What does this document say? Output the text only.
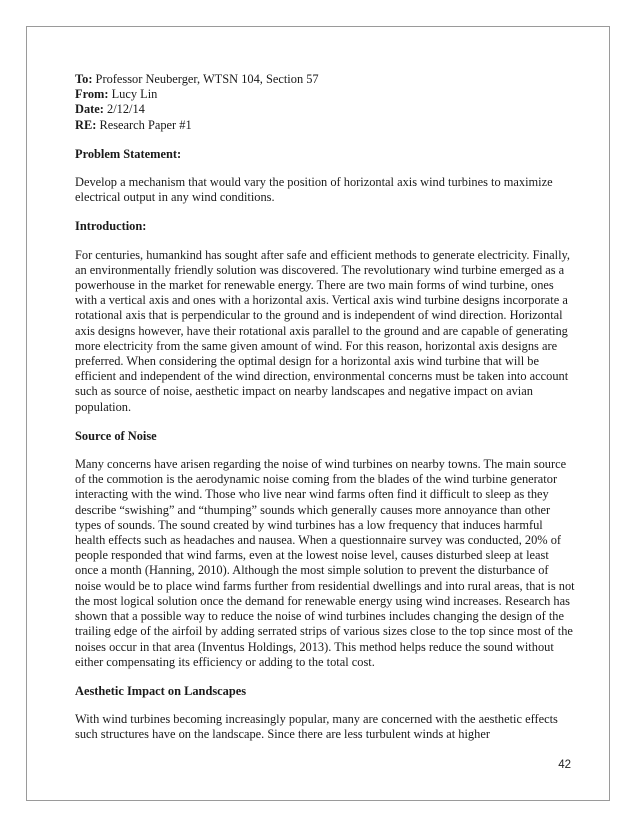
To: Professor Neuberger, WTSN 104, Section 57

From: Lucy Lin

Date: 2/12/14

RE: Research Paper #1

Problem Statement:

Develop a mechanism that would vary the position of horizontal axis wind turbines to maximize electrical output in any wind conditions.

Introduction:

For centuries, humankind has sought after safe and efficient methods to generate electricity. Finally, an environmentally friendly solution was discovered. The revolutionary wind turbine emerged as a powerhouse in the market for renewable energy. There are two main forms of wind turbine, ones with a vertical axis and ones with a horizontal axis. Vertical axis wind turbine designs incorporate a rotational axis that is perpendicular to the ground and is independent of wind direction. Horizontal axis designs however, have their rotational axis parallel to the ground and are capable of generating more electricity from the same given amount of wind. For this reason, horizontal axis designs are preferred. When considering the optimal design for a horizontal axis wind turbine that will be efficient and independent of the wind direction, environmental concerns must be taken into account such as source of noise, aesthetic impact on nearby landscapes and negative impact on avian population.

Source of Noise

Many concerns have arisen regarding the noise of wind turbines on nearby towns. The main source of the commotion is the aerodynamic noise coming from the blades of the wind turbine generator interacting with the wind. Those who live near wind farms often find it difficult to sleep as they describe “swishing” and “thumping” sounds which generally causes more annoyance than other types of sounds. The sound created by wind turbines has a low frequency that induces harmful health effects such as headaches and nausea. When a questionnaire survey was conducted, 20% of people responded that wind farms, even at the lowest noise level, causes disturbed sleep at least once a month (Hanning, 2010). Although the most simple solution to prevent the disturbance of noise would be to place wind farms further from residential dwellings and into rural areas, that is not the most logical solution once the demand for renewable energy using wind increases. Research has shown that a possible way to reduce the noise of wind turbines includes changing the design of the trailing edge of the airfoil by adding serrated strips of various sizes close to the top since most of the noises occur in that area (Inventus Holdings, 2013). This method helps reduce the sound without either compensating its efficiency or adding to the total cost.

Aesthetic Impact on Landscapes

With wind turbines becoming increasingly popular, many are concerned with the aesthetic effects such structures have on the landscape. Since there are less turbulent winds at higher

42
